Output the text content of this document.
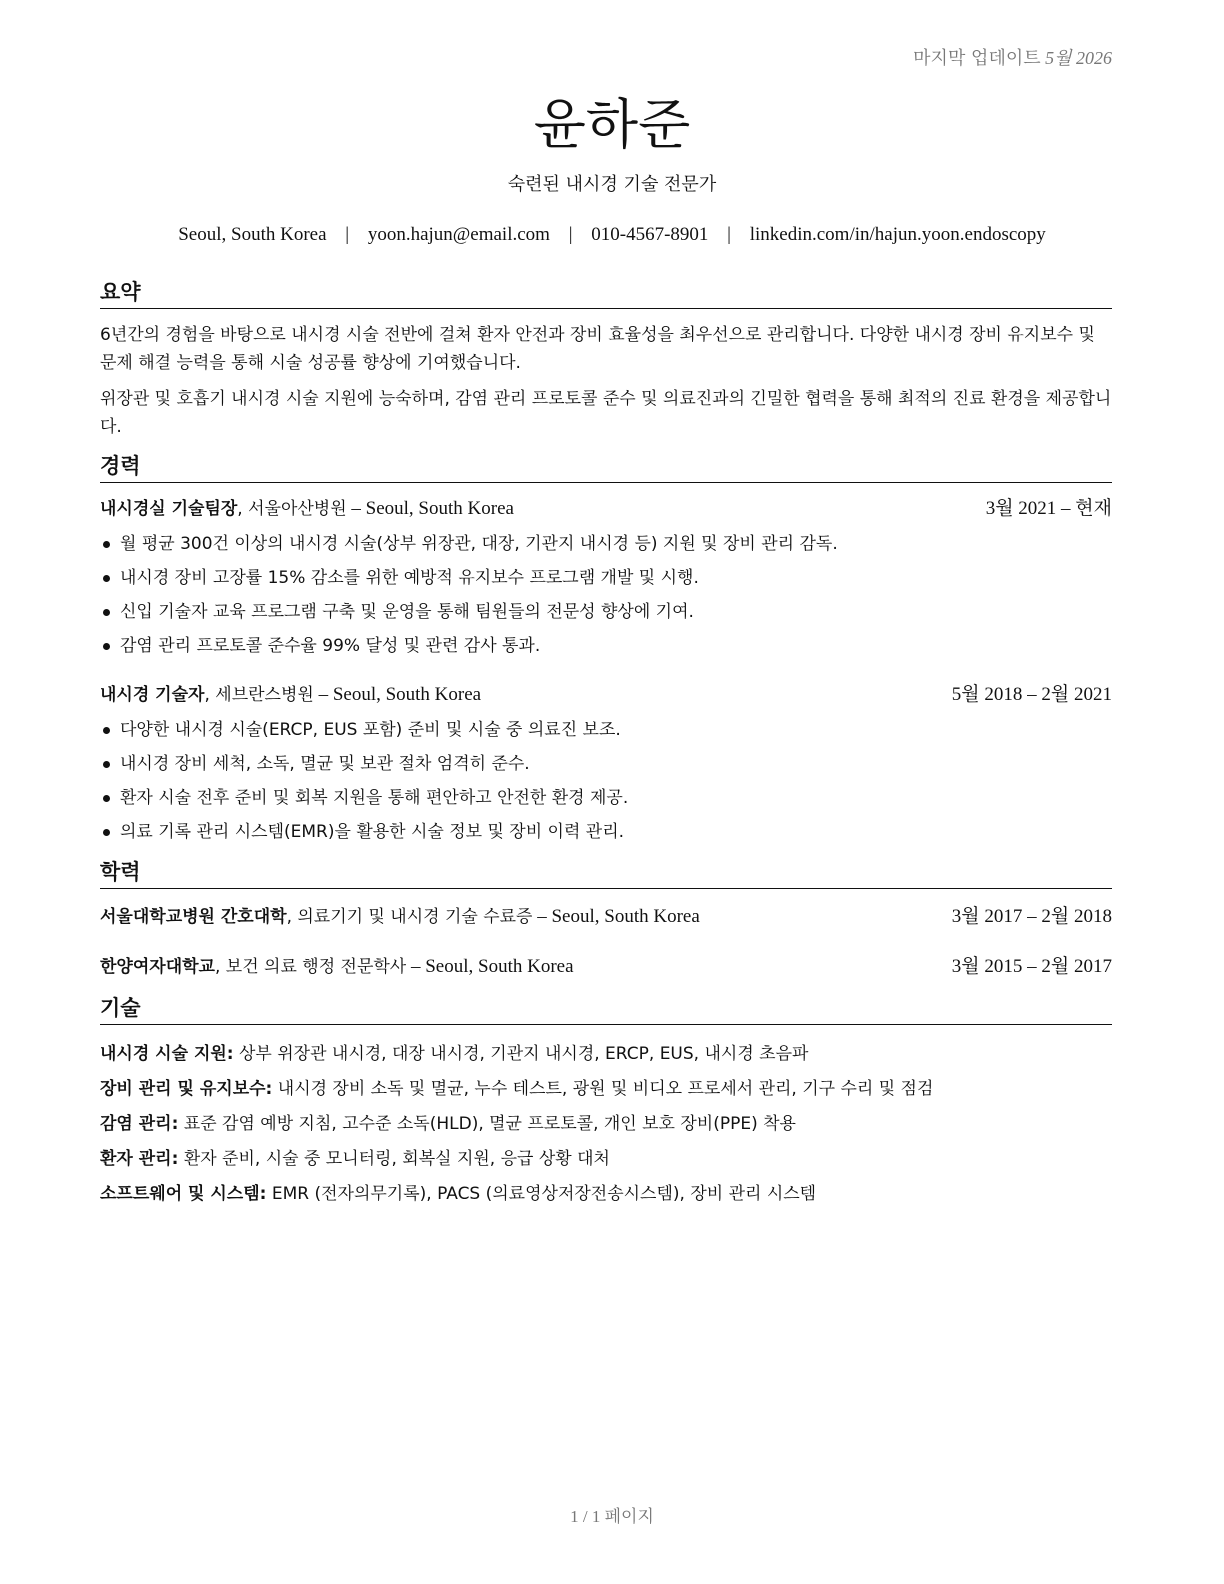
마지막 업데이트 5월 2026
윤하준
숙련된 내시경 기술 전문가
Seoul, South Korea | yoon.hajun@email.com | 010-4567-8901 | linkedin.com/in/hajun.yoon.endoscopy
요약

6년간의 경험을 바탕으로 내시경 시술 전반에 걸쳐 환자 안전과 장비 효율성을 최우선으로 관리합니다. 다양한 내시경 장비 유지보수 및 문제 해결 능력을 통해 시술 성공률 향상에 기여했습니다.

위장관 및 호흡기 내시경 시술 지원에 능숙하며, 감염 관리 프로토콜 준수 및 의료진과의 긴밀한 협력을 통해 최적의 진료 환경을 제공합니다.

경력
내시경실 기술팀장, 서울아산병원 – Seoul, South Korea	3월 2021 – 현재
월 평균 300건 이상의 내시경 시술(상부 위장관, 대장, 기관지 내시경 등) 지원 및 장비 관리 감독.
내시경 장비 고장률 15% 감소를 위한 예방적 유지보수 프로그램 개발 및 시행.
신입 기술자 교육 프로그램 구축 및 운영을 통해 팀원들의 전문성 향상에 기여.
감염 관리 프로토콜 준수율 99% 달성 및 관련 감사 통과.
내시경 기술자, 세브란스병원 – Seoul, South Korea	5월 2018 – 2월 2021
다양한 내시경 시술(ERCP, EUS 포함) 준비 및 시술 중 의료진 보조.
내시경 장비 세척, 소독, 멸균 및 보관 절차 엄격히 준수.
환자 시술 전후 준비 및 회복 지원을 통해 편안하고 안전한 환경 제공.
의료 기록 관리 시스템(EMR)을 활용한 시술 정보 및 장비 이력 관리.
학력
서울대학교병원 간호대학, 의료기기 및 내시경 기술 수료증 – Seoul, South Korea	3월 2017 – 2월 2018
한양여자대학교, 보건 의료 행정 전문학사 – Seoul, South Korea	3월 2015 – 2월 2017
기술
내시경 시술 지원: 상부 위장관 내시경, 대장 내시경, 기관지 내시경, ERCP, EUS, 내시경 초음파
장비 관리 및 유지보수: 내시경 장비 소독 및 멸균, 누수 테스트, 광원 및 비디오 프로세서 관리, 기구 수리 및 점검
감염 관리: 표준 감염 예방 지침, 고수준 소독(HLD), 멸균 프로토콜, 개인 보호 장비(PPE) 착용
환자 관리: 환자 준비, 시술 중 모니터링, 회복실 지원, 응급 상황 대처
소프트웨어 및 시스템: EMR (전자의무기록), PACS (의료영상저장전송시스템), 장비 관리 시스템
1 / 1 페이지
